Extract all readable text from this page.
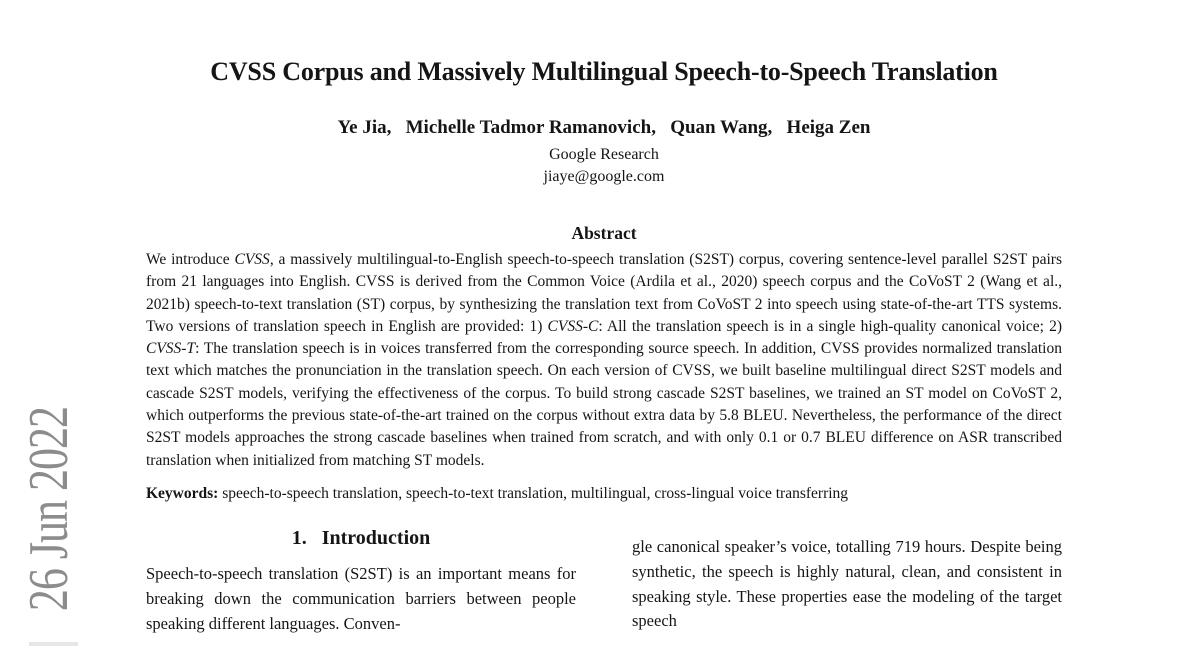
26 Jun 2022
CVSS Corpus and Massively Multilingual Speech-to-Speech Translation
Ye Jia,  Michelle Tadmor Ramanovich,  Quan Wang,  Heiga Zen
Google Research
jiaye@google.com
Abstract

We introduce CVSS, a massively multilingual-to-English speech-to-speech translation (S2ST) corpus, covering sentence-level parallel S2ST pairs from 21 languages into English. CVSS is derived from the Common Voice (Ardila et al., 2020) speech corpus and the CoVoST 2 (Wang et al., 2021b) speech-to-text translation (ST) corpus, by synthesizing the translation text from CoVoST 2 into speech using state-of-the-art TTS systems. Two versions of translation speech in English are provided: 1) CVSS-C: All the translation speech is in a single high-quality canonical voice; 2) CVSS-T: The translation speech is in voices transferred from the corresponding source speech. In addition, CVSS provides normalized translation text which matches the pronunciation in the translation speech. On each version of CVSS, we built baseline multilingual direct S2ST models and cascade S2ST models, verifying the effectiveness of the corpus. To build strong cascade S2ST baselines, we trained an ST model on CoVoST 2, which outperforms the previous state-of-the-art trained on the corpus without extra data by 5.8 BLEU. Nevertheless, the performance of the direct S2ST models approaches the strong cascade baselines when trained from scratch, and with only 0.1 or 0.7 BLEU difference on ASR transcribed translation when initialized from matching ST models.

Keywords: speech-to-speech translation, speech-to-text translation, multilingual, cross-lingual voice transferring

1. Introduction

Speech-to-speech translation (S2ST) is an important means for breaking down the communication barriers between people speaking different languages. Conven-

gle canonical speaker’s voice, totalling 719 hours. Despite being synthetic, the speech is highly natural, clean, and consistent in speaking style. These properties ease the modeling of the target speech
